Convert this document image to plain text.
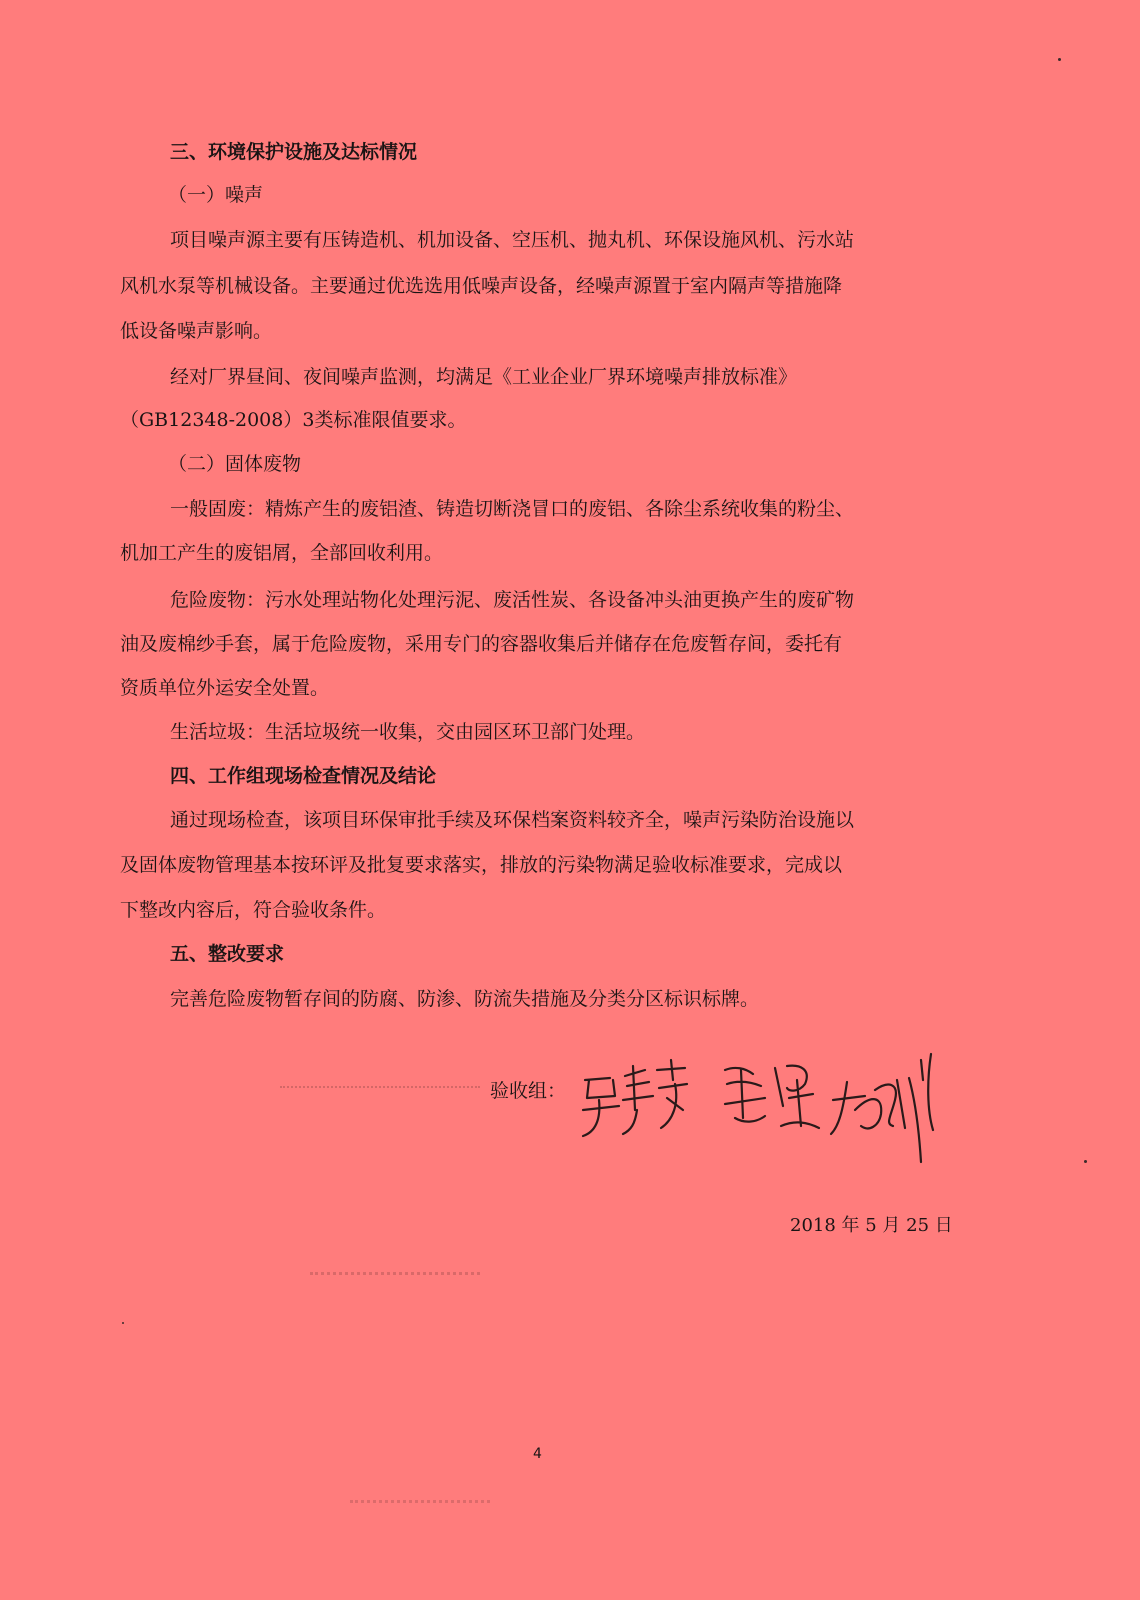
三、环境保护设施及达标情况
（一）噪声
项目噪声源主要有压铸造机、机加设备、空压机、抛丸机、环保设施风机、污水站
风机水泵等机械设备。主要通过优选选用低噪声设备，经噪声源置于室内隔声等措施降
低设备噪声影响。
经对厂界昼间、夜间噪声监测，均满足《工业企业厂界环境噪声排放标准》
（GB12348-2008）3类标准限值要求。
（二）固体废物
一般固废：精炼产生的废铝渣、铸造切断浇冒口的废铝、各除尘系统收集的粉尘、
机加工产生的废铝屑，全部回收利用。
危险废物：污水处理站物化处理污泥、废活性炭、各设备冲头油更换产生的废矿物
油及废棉纱手套，属于危险废物，采用专门的容器收集后并储存在危废暂存间，委托有
资质单位外运安全处置。
生活垃圾：生活垃圾统一收集，交由园区环卫部门处理。
四、工作组现场检查情况及结论
通过现场检查，该项目环保审批手续及环保档案资料较齐全，噪声污染防治设施以
及固体废物管理基本按环评及批复要求落实，排放的污染物满足验收标准要求，完成以
下整改内容后，符合验收条件。
五、整改要求
完善危险废物暂存间的防腐、防渗、防流失措施及分类分区标识标牌。
验收组：
2018 年 5 月 25 日
4
